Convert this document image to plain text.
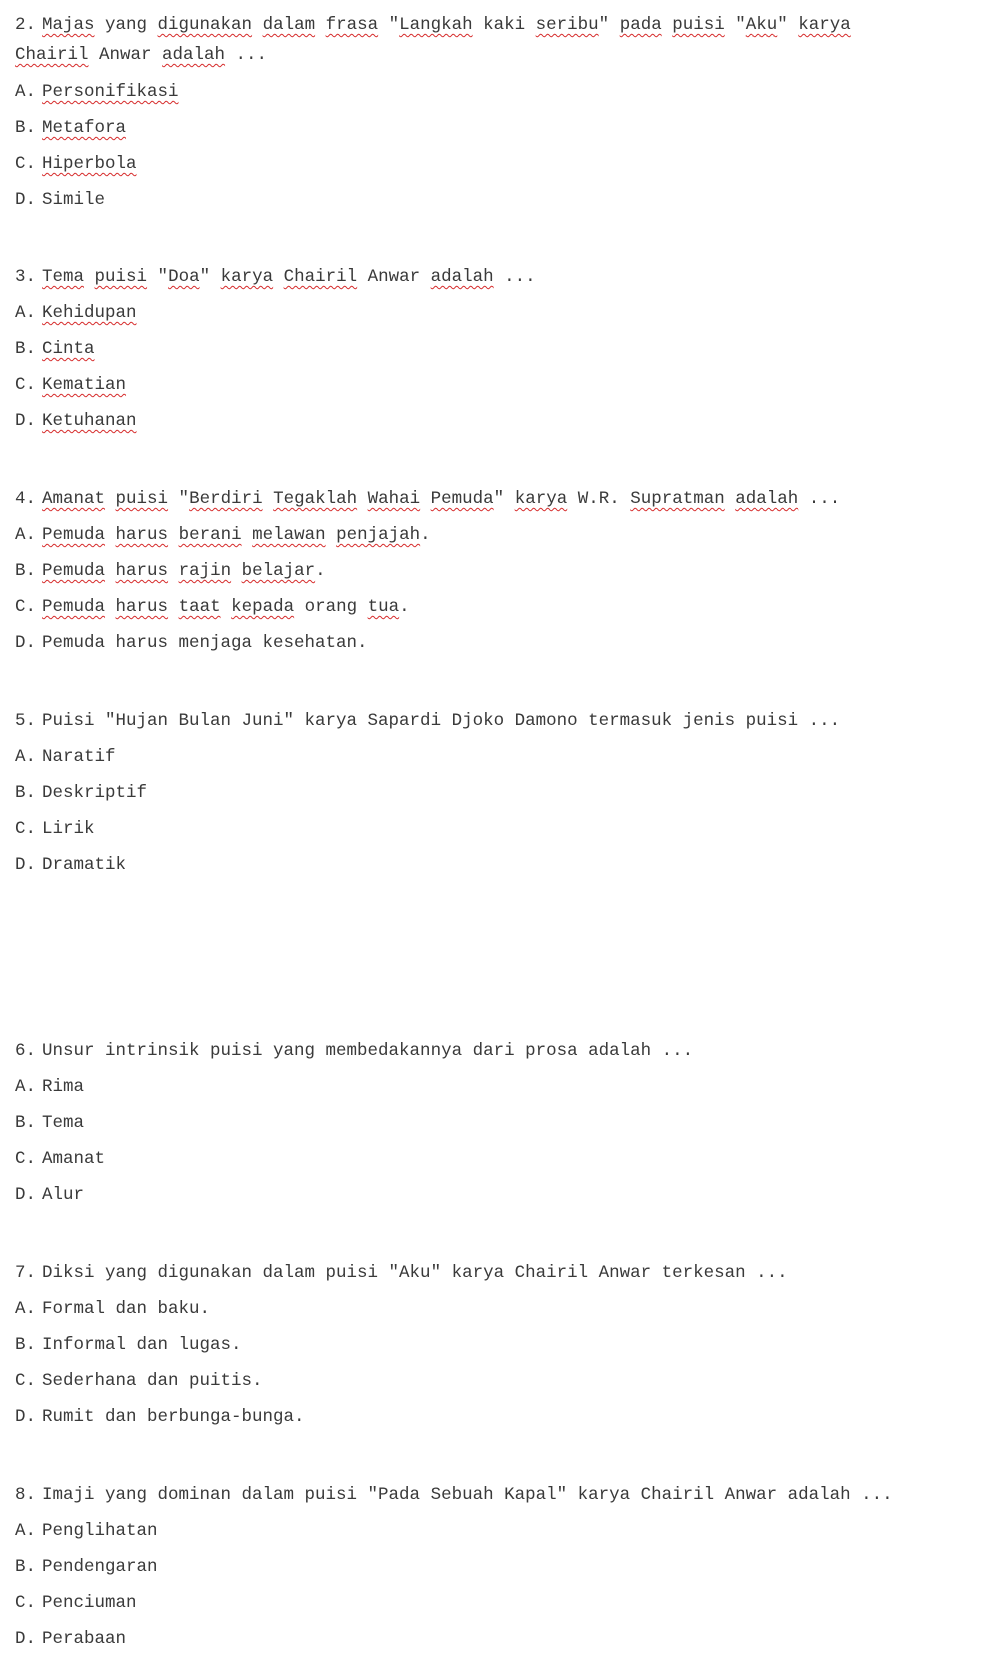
2. Majas yang digunakan dalam frasa "Langkah kaki seribu" pada puisi "Aku" karya Chairil Anwar adalah ...
A. Personifikasi
B. Metafora
C. Hiperbola
D. Simile
3. Tema puisi "Doa" karya Chairil Anwar adalah ...
A. Kehidupan
B. Cinta
C. Kematian
D. Ketuhanan
4. Amanat puisi "Berdiri Tegaklah Wahai Pemuda" karya W.R. Supratman adalah ...
A. Pemuda harus berani melawan penjajah.
B. Pemuda harus rajin belajar.
C. Pemuda harus taat kepada orang tua.
D. Pemuda harus menjaga kesehatan.
5. Puisi "Hujan Bulan Juni" karya Sapardi Djoko Damono termasuk jenis puisi ...
A. Naratif
B. Deskriptif
C. Lirik
D. Dramatik
6. Unsur intrinsik puisi yang membedakannya dari prosa adalah ...
A. Rima
B. Tema
C. Amanat
D. Alur
7. Diksi yang digunakan dalam puisi "Aku" karya Chairil Anwar terkesan ...
A. Formal dan baku.
B. Informal dan lugas.
C. Sederhana dan puitis.
D. Rumit dan berbunga-bunga.
8. Imaji yang dominan dalam puisi "Pada Sebuah Kapal" karya Chairil Anwar adalah ...
A. Penglihatan
B. Pendengaran
C. Penciuman
D. Perabaan
